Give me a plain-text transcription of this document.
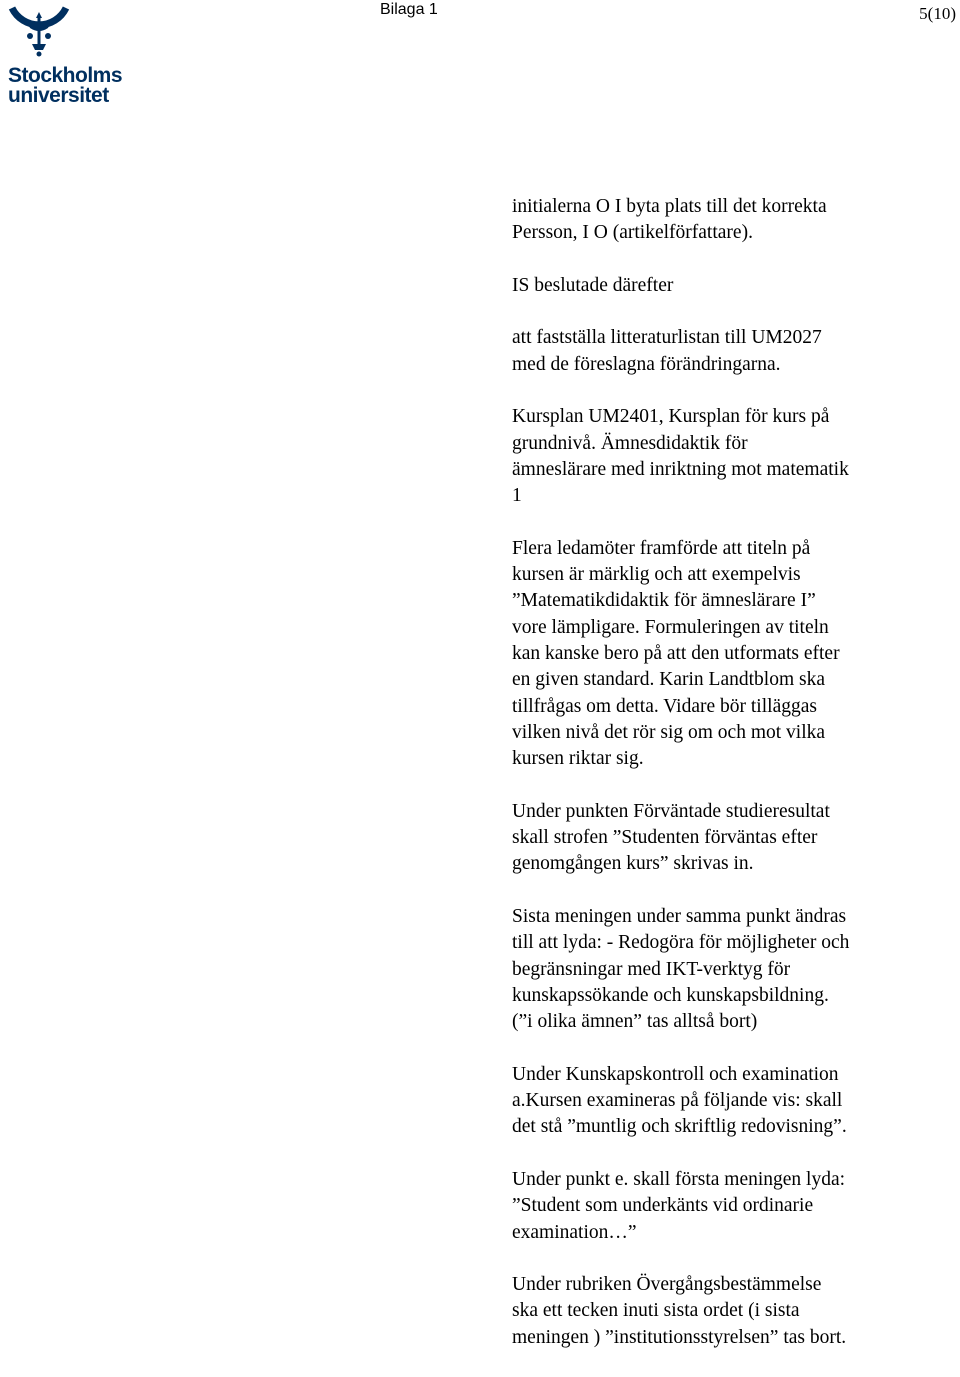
Stockholms
universitet
Bilaga 1	5(10)

initialerna O I byta plats till det korrekta
Persson, I O (artikelförfattare).

IS beslutade därefter

att fastställa litteraturlistan till UM2027
med de föreslagna förändringarna.

Kursplan UM2401, Kursplan för kurs på
grundnivå. Ämnesdidaktik för
ämneslärare med inriktning mot matematik
1

Flera ledamöter framförde att titeln på
kursen är märklig och att exempelvis
”Matematikdidaktik för ämneslärare I”
vore lämpligare. Formuleringen av titeln
kan kanske bero på att den utformats efter
en given standard. Karin Landtblom ska
tillfrågas om detta. Vidare bör tilläggas
vilken nivå det rör sig om och mot vilka
kursen riktar sig.

Under punkten Förväntade studieresultat
skall strofen ”Studenten förväntas efter
genomgången kurs” skrivas in.

Sista meningen under samma punkt ändras
till att lyda: - Redogöra för möjligheter och
begränsningar med IKT-verktyg för
kunskapssökande och kunskapsbildning.
(”i olika ämnen” tas alltså bort)

Under Kunskapskontroll och examination
a.Kursen examineras på följande vis: skall
det stå ”muntlig och skriftlig redovisning”.

Under punkt e. skall första meningen lyda:
”Student som underkänts vid ordinarie
examination…”

Under rubriken Övergångsbestämmelse
ska ett tecken inuti sista ordet (i sista
meningen ) ”institutionsstyrelsen” tas bort.
